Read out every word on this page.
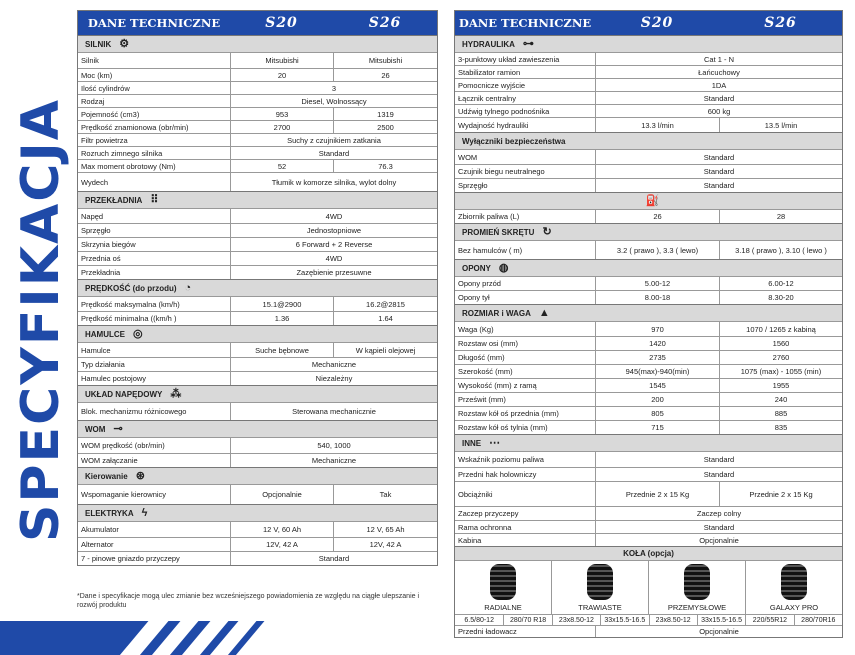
SPECYFIKACJA
DANE TECHNICZNE	S20	S26
SILNIK ⚙
Silnik	Mitsubishi	Mitsubishi
Moc (km)	20	26
Ilość cylindrów	3
Rodzaj	Diesel, Wolnossący
Pojemność (cm3)	953	1319
Prędkość znamionowa (obr/min)	2700	2500
Filtr powietrza	Suchy z czujnikiem zatkania
Rozruch zimnego silnika	Standard
Max moment obrotowy (Nm)	52	76.3
Wydech	Tłumik w komorze silnika, wylot dolny
PRZEKŁADNIA ⠿
Napęd	4WD
Sprzęgło	Jednostopniowe
Skrzynia biegów	6 Forward + 2 Reverse
Przednia oś	4WD
Przekładnia	Zazębienie przesuwne
PRĘDKOŚĆ (do przodu) ◔
Prędkość maksymalna (km/h)	15.1@2900	16.2@2815
Prędkość minimalna ((km/h )	1.36	1.64
HAMULCE ◎
Hamulce	Suche bębnowe	W kąpieli olejowej
Typ działania	Mechaniczne
Hamulec postojowy	Niezależny
UKŁAD NAPĘDOWY ⁂
Blok. mechanizmu różnicowego	Sterowana mechanicznie
WOM ⊸
WOM prędkość (obr/min)	540, 1000
WOM załączanie	Mechaniczne
Kierowanie ⊛
Wspomaganie kierownicy	Opcjonalnie	Tak
ELEKTRYKA ϟ
Akumulator	12 V, 60 Ah	12 V, 65 Ah
Alternator	12V, 42 A	12V, 42 A
7 - pinowe gniazdo przyczepy	Standard
*Dane i specyfikacje mogą ulec zmianie bez wcześniejszego powiadomienia ze względu na ciągłe ulepszanie i rozwój produktu
DANE TECHNICZNE	S20	S26
HYDRAULIKA ⊶
3-punktowy układ zawieszenia	Cat 1 - N
Stabilizator ramion	Łańcuchowy
Pomocnicze wyjście	1DA
Łącznik centralny	Standard
Udźwig tylnego podnośnika	600 kg
Wydajność hydrauliki	13.3 l/min	13.5 l/min
Wyłączniki bezpieczeństwa
WOM	Standard
Czujnik biegu neutralnego	Standard
Sprzęgło	Standard
⛽
Zbiornik paliwa (L)	26	28
PROMIEŃ SKRĘTU ↻
Bez hamulców ( m)	3.2 ( prawo ), 3.3 ( lewo)	3.18 ( prawo ), 3.10 ( lewo )
OPONY ◍
Opony przód	5.00-12	6.00-12
Opony tył	8.00-18	8.30-20
ROZMIAR i WAGA ▲
Waga (Kg)	970	1070 / 1265 z kabiną
Rozstaw osi (mm)	1420	1560
Długość (mm)	2735	2760
Szerokość (mm)	945(max)-940(min)	1075 (max) - 1055 (min)
Wysokość (mm) z ramą	1545	1955
Prześwit (mm)	200	240
Rozstaw kół oś przednia (mm)	805	885
Rozstaw kół oś tylnia (mm)	715	835
INNE ⋯
Wskaźnik poziomu paliwa	Standard
Przedni hak holowniczy	Standard
Obciążniki	Przednie 2 x 15 Kg	Przednie 2 x 15 Kg
Zaczep przyczepy	Zaczep colny
Rama ochronna	Standard
Kabina	Opcjonalnie
KOŁA (opcja)
RADIALNE	TRAWIASTE	PRZEMYSŁOWE	GALAXY PRO
6.5/80-12	280/70 R18	23x8.50-12	33x15.5-16.5	23x8.50-12	33x15.5-16.5	220/55R12	280/70R16
Przedni ładowacz	Opcjonalnie
